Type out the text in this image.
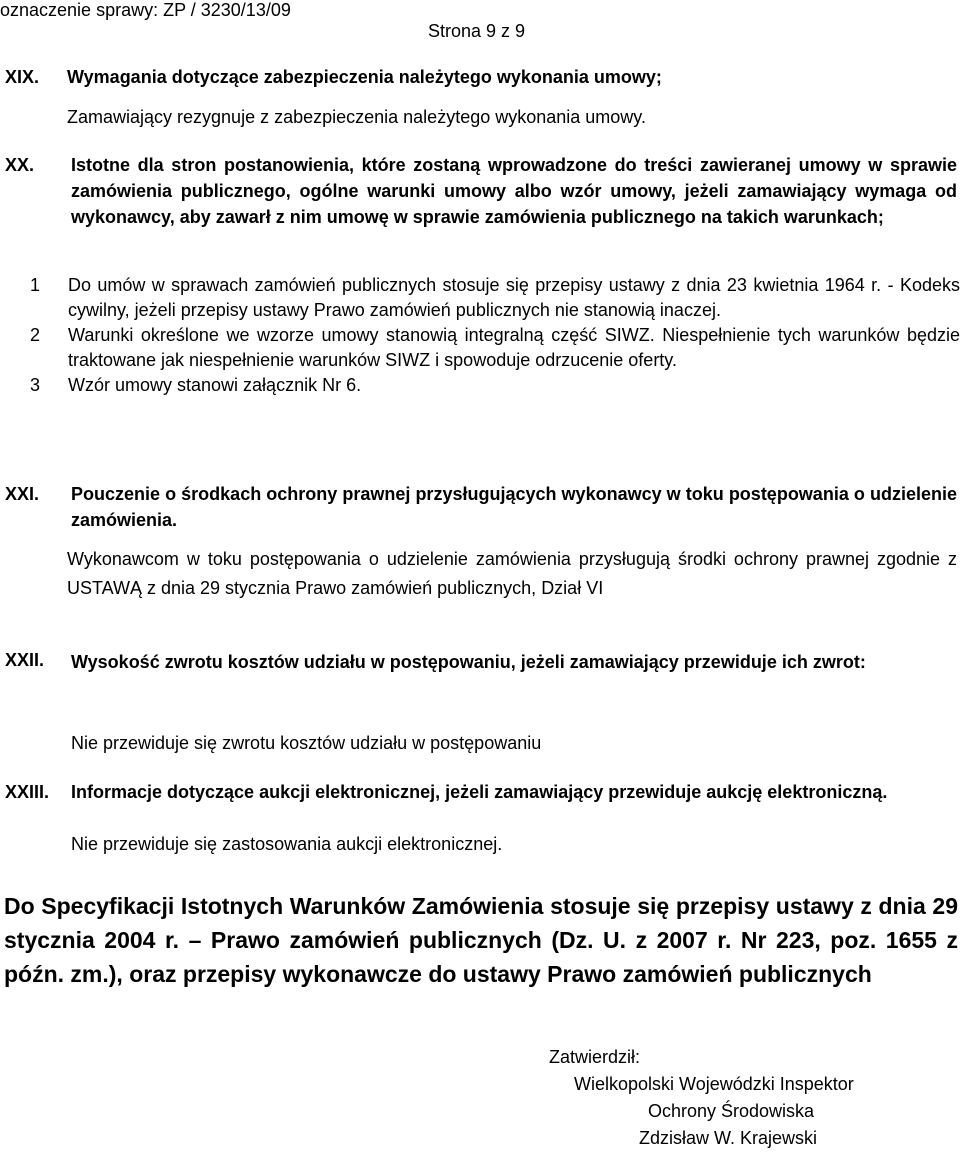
oznaczenie sprawy: ZP / 3230/13/09
Strona 9 z 9
XIX. Wymagania dotyczące zabezpieczenia należytego wykonania umowy;
Zamawiający rezygnuje z zabezpieczenia należytego wykonania umowy.
XX. Istotne dla stron postanowienia, które zostaną wprowadzone do treści zawieranej umowy w sprawie zamówienia publicznego, ogólne warunki umowy albo wzór umowy, jeżeli zamawiający wymaga od wykonawcy, aby zawarł z nim umowę w sprawie zamówienia publicznego na takich warunkach;
1	Do umów w sprawach zamówień publicznych stosuje się przepisy ustawy z dnia 23 kwietnia 1964 r. - Kodeks cywilny, jeżeli przepisy ustawy Prawo zamówień publicznych nie stanowią inaczej.
2	Warunki określone we wzorze umowy stanowią integralną część SIWZ. Niespełnienie tych warunków będzie traktowane jak niespełnienie warunków SIWZ i spowoduje odrzucenie oferty.
3	Wzór umowy stanowi załącznik Nr 6.
XXI. Pouczenie o środkach ochrony prawnej przysługujących wykonawcy w toku postępowania o udzielenie zamówienia.
Wykonawcom w toku postępowania o udzielenie zamówienia przysługują środki ochrony prawnej zgodnie z USTAWĄ z dnia 29 stycznia Prawo zamówień publicznych, Dział VI
XXII. Wysokość zwrotu kosztów udziału w postępowaniu, jeżeli zamawiający przewiduje ich zwrot:
Nie przewiduje się zwrotu kosztów udziału w postępowaniu
XXIII. Informacje dotyczące aukcji elektronicznej, jeżeli zamawiający przewiduje aukcję elektroniczną.
Nie przewiduje się zastosowania aukcji elektronicznej.
Do Specyfikacji Istotnych Warunków Zamówienia stosuje się przepisy ustawy z dnia 29 stycznia 2004 r. – Prawo zamówień publicznych (Dz. U. z 2007 r. Nr 223, poz. 1655 z późn. zm.), oraz przepisy wykonawcze do ustawy Prawo zamówień publicznych
Zatwierdził:
Wielkopolski Wojewódzki Inspektor
Ochrony Środowiska
Zdzisław W. Krajewski
